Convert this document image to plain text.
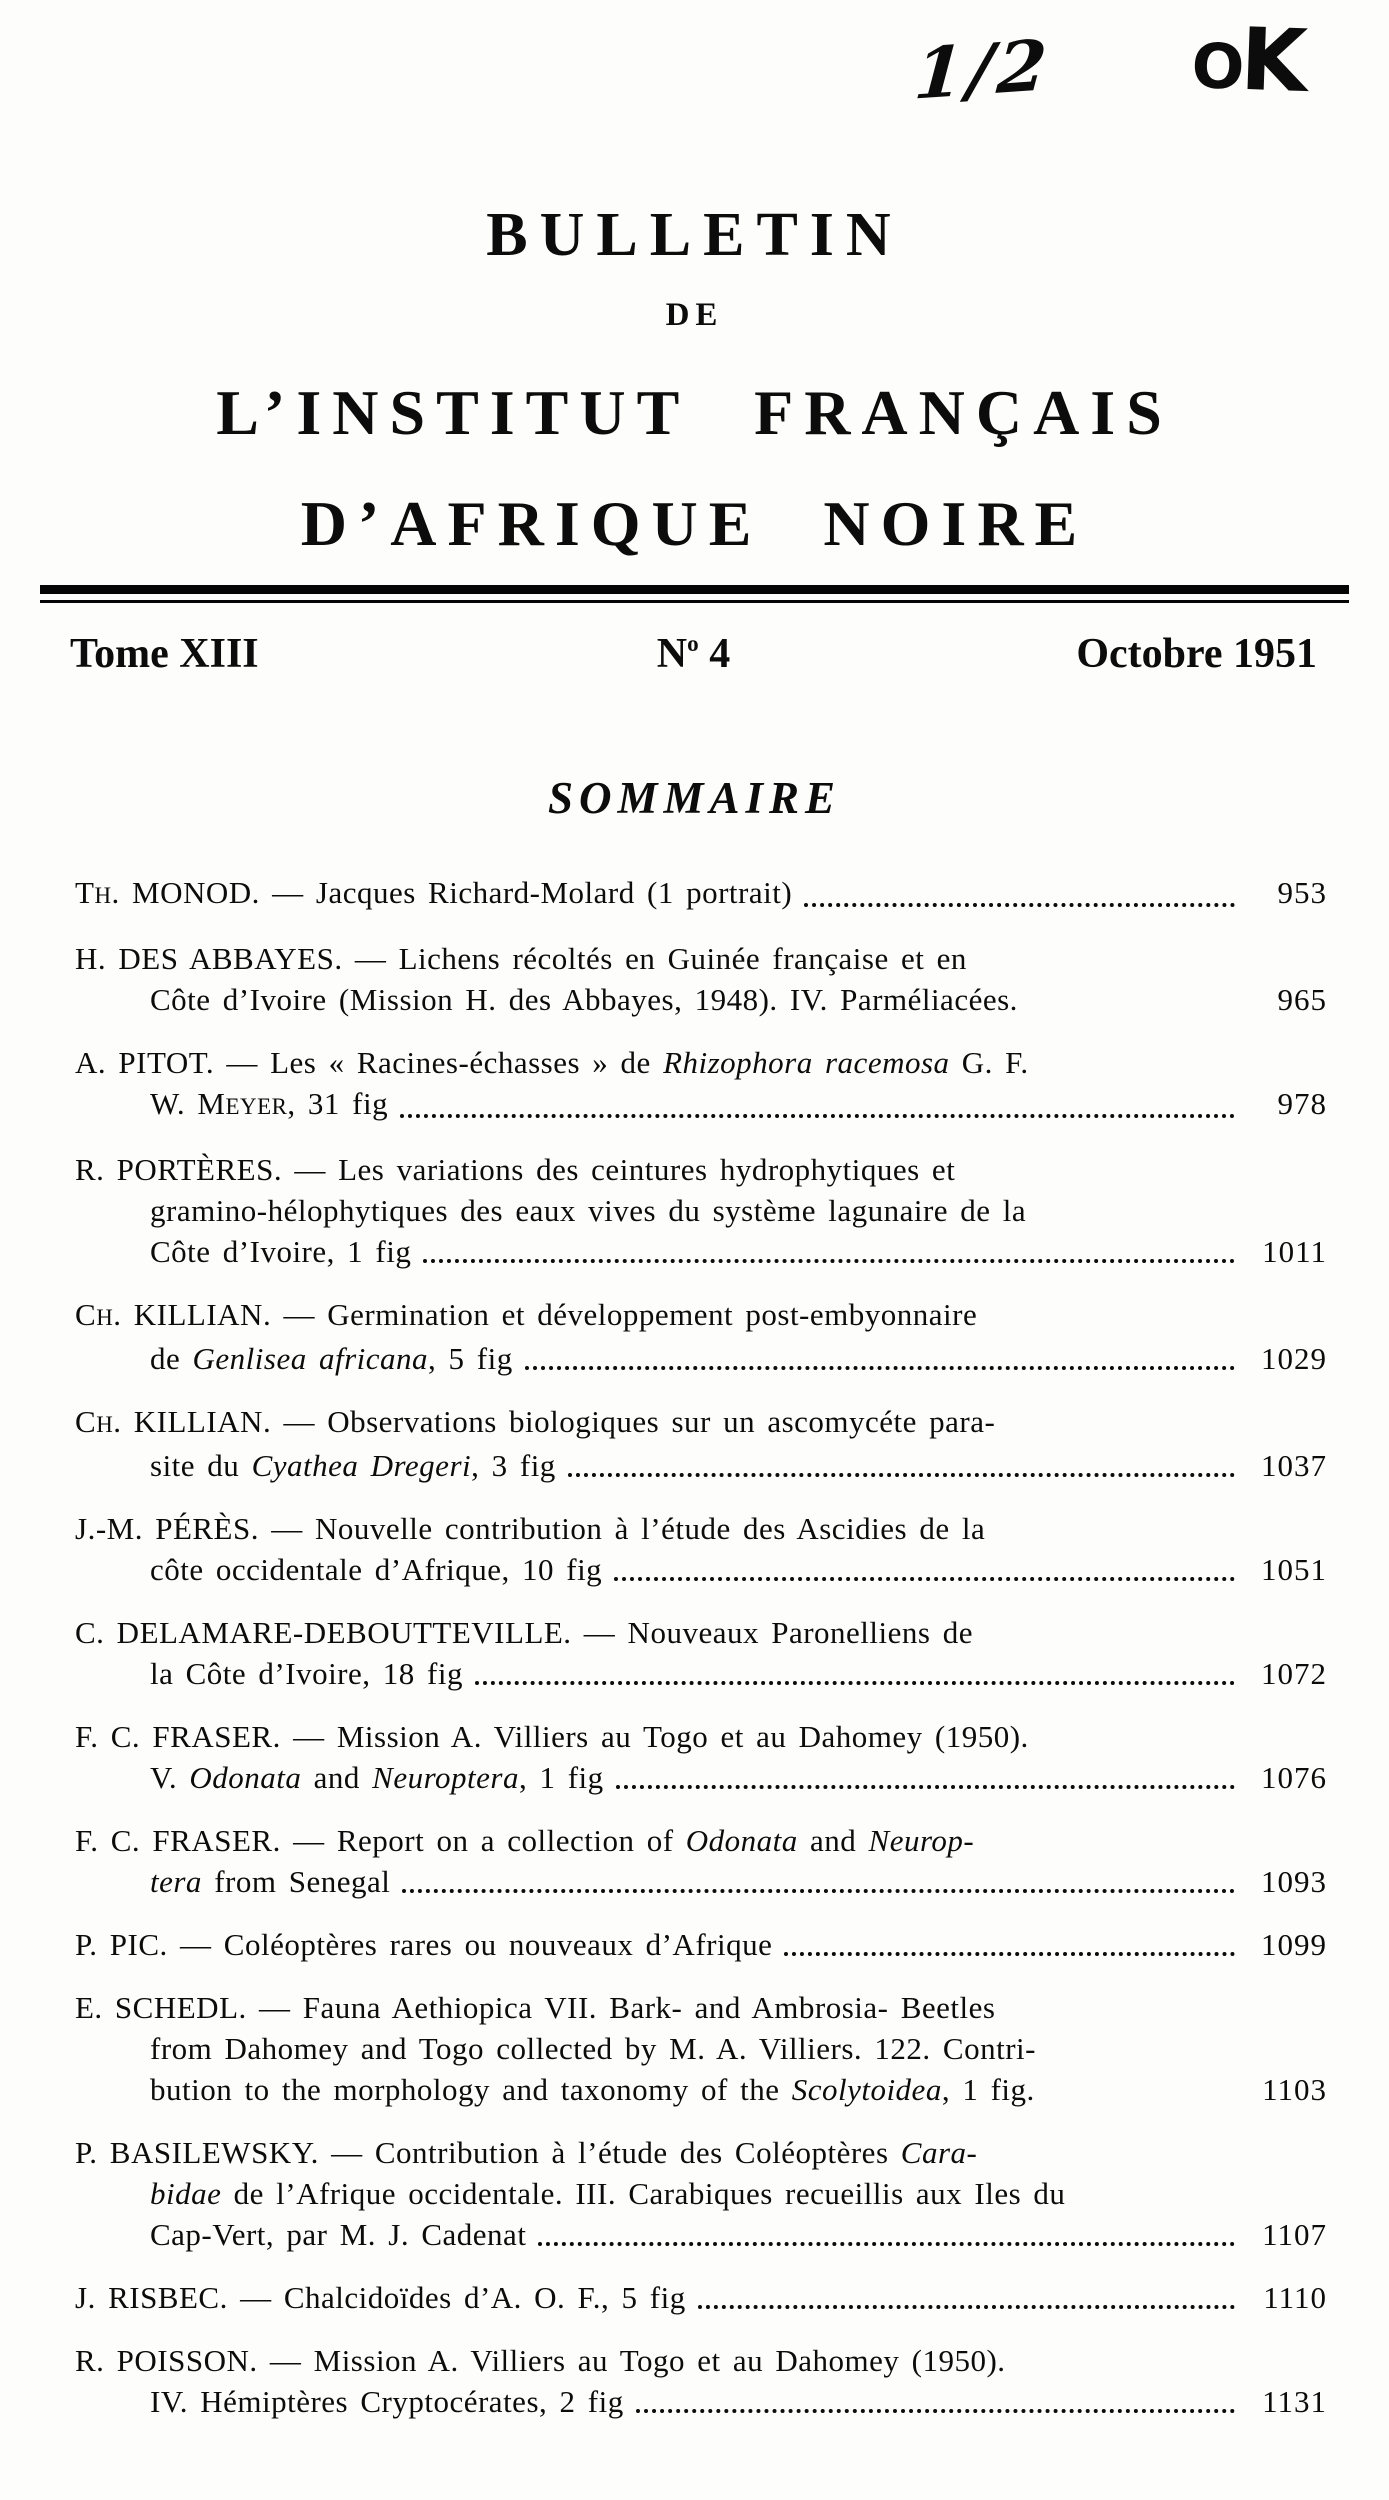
1/2 OK
BULLETIN
DE
L’INSTITUT FRANÇAIS
D’AFRIQUE NOIRE
Tome XIII	$N^o$ 4	Octobre 1951
SOMMAIRE
TH. MONOD. — Jacques Richard-Molard (1 portrait)	953
H. DES ABBAYES. — Lichens récoltés en Guinée française et en
Côte d’Ivoire (Mission H. des Abbayes, 1948). IV. Parméliacées.	965
A. PITOT. — Les « Racines-échasses » de Rhizophora racemosa G. F.
W. MEYER, 31 fig	978
R. PORTÈRES. — Les variations des ceintures hydrophytiques et
gramino-hélophytiques des eaux vives du système lagunaire de la
Côte d’Ivoire, 1 fig	1011
CH. KILLIAN. — Germination et développement post-embyonnaire
de Genlisea africana, 5 fig	1029
CH. KILLIAN. — Observations biologiques sur un ascomycéte para-
site du Cyathea Dregeri, 3 fig	1037
J.-M. PÉRÈS. — Nouvelle contribution à l’étude des Ascidies de la
côte occidentale d’Afrique, 10 fig	1051
C. DELAMARE-DEBOUTTEVILLE. — Nouveaux Paronelliens de
la Côte d’Ivoire, 18 fig	1072
F. C. FRASER. — Mission A. Villiers au Togo et au Dahomey (1950).
V. Odonata and Neuroptera, 1 fig	1076
F. C. FRASER. — Report on a collection of Odonata and Neurop-
tera from Senegal	1093
P. PIC. — Coléoptères rares ou nouveaux d’Afrique	1099
E. SCHEDL. — Fauna Aethiopica VII. Bark- and Ambrosia- Beetles
from Dahomey and Togo collected by M. A. Villiers. 122. Contri-
bution to the morphology and taxonomy of the Scolytoidea, 1 fig.	1103
P. BASILEWSKY. — Contribution à l’étude des Coléoptères Cara-
bidae de l’Afrique occidentale. III. Carabiques recueillis aux Iles du
Cap-Vert, par M. J. Cadenat	1107
J. RISBEC. — Chalcidoïdes d’A. O. F., 5 fig	1110
R. POISSON. — Mission A. Villiers au Togo et au Dahomey (1950).
IV. Hémiptères Cryptocérates, 2 fig	1131
